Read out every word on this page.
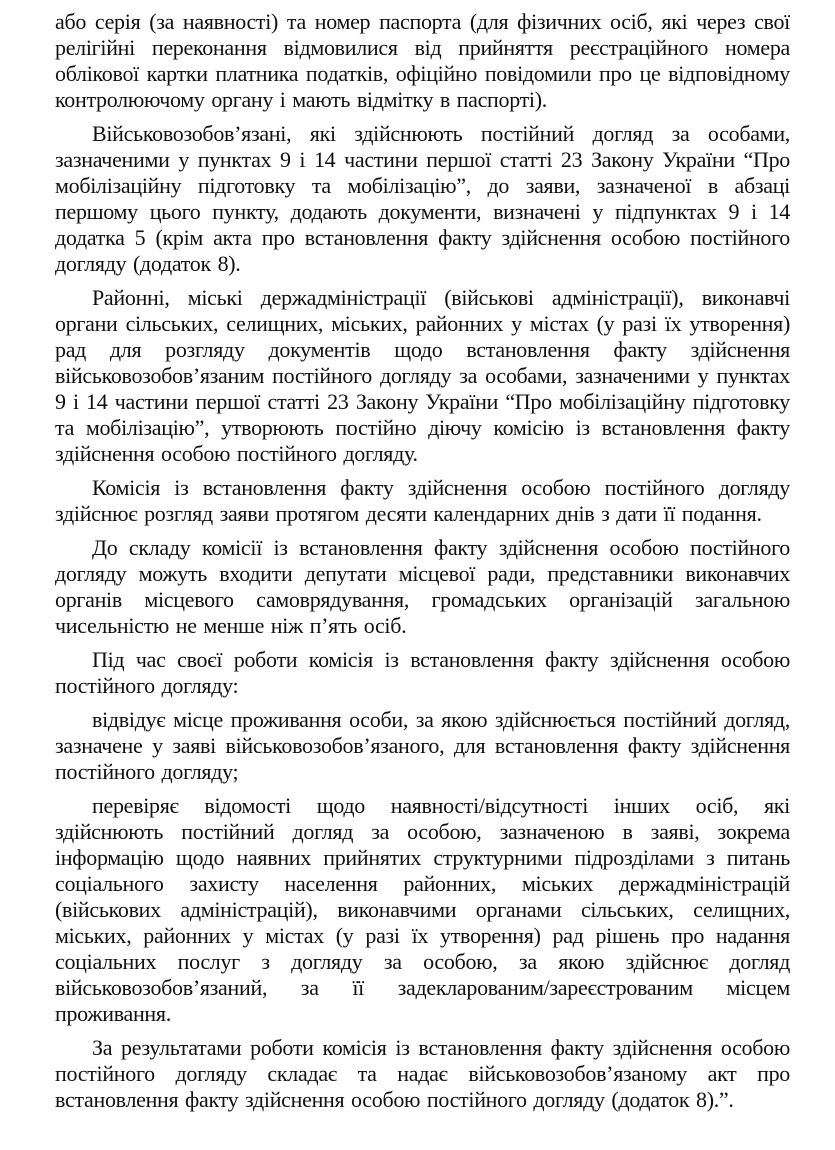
або серія (за наявності) та номер паспорта (для фізичних осіб, які через свої релігійні переконання відмовилися від прийняття реєстраційного номера облікової картки платника податків, офіційно повідомили про це відповідному контролюючому органу і мають відмітку в паспорті).

Військовозобов’язані, які здійснюють постійний догляд за особами, зазначеними у пунктах 9 і 14 частини першої статті 23 Закону України “Про мобілізаційну підготовку та мобілізацію”, до заяви, зазначеної в абзаці першому цього пункту, додають документи, визначені у підпунктах 9 і 14 додатка 5 (крім акта про встановлення факту здійснення особою постійного догляду (додаток 8).

Районні, міські держадміністрації (військові адміністрації), виконавчі органи сільських, селищних, міських, районних у містах (у разі їх утворення) рад для розгляду документів щодо встановлення факту здійснення військовозобов’язаним постійного догляду за особами, зазначеними у пунктах 9 і 14 частини першої статті 23 Закону України “Про мобілізаційну підготовку та мобілізацію”, утворюють постійно діючу комісію із встановлення факту здійснення особою постійного догляду.

Комісія із встановлення факту здійснення особою постійного догляду здійснює розгляд заяви протягом десяти календарних днів з дати її подання.

До складу комісії із встановлення факту здійснення особою постійного догляду можуть входити депутати місцевої ради, представники виконавчих органів місцевого самоврядування, громадських організацій загальною чисельністю не менше ніж п’ять осіб.

Під час своєї роботи комісія із встановлення факту здійснення особою постійного догляду:

відвідує місце проживання особи, за якою здійснюється постійний догляд, зазначене у заяві військовозобов’язаного, для встановлення факту здійснення постійного догляду;

перевіряє відомості щодо наявності/відсутності інших осіб, які здійснюють постійний догляд за особою, зазначеною в заяві, зокрема інформацію щодо наявних прийнятих структурними підрозділами з питань соціального захисту населення районних, міських держадміністрацій (військових адміністрацій), виконавчими органами сільських, селищних, міських, районних у містах (у разі їх утворення) рад рішень про надання соціальних послуг з догляду за особою, за якою здійснює догляд військовозобов’язаний, за її задекларованим/зареєстрованим місцем проживання.

За результатами роботи комісія із встановлення факту здійснення особою постійного догляду складає та надає військовозобов’язаному акт про встановлення факту здійснення особою постійного догляду (додаток 8).”.
